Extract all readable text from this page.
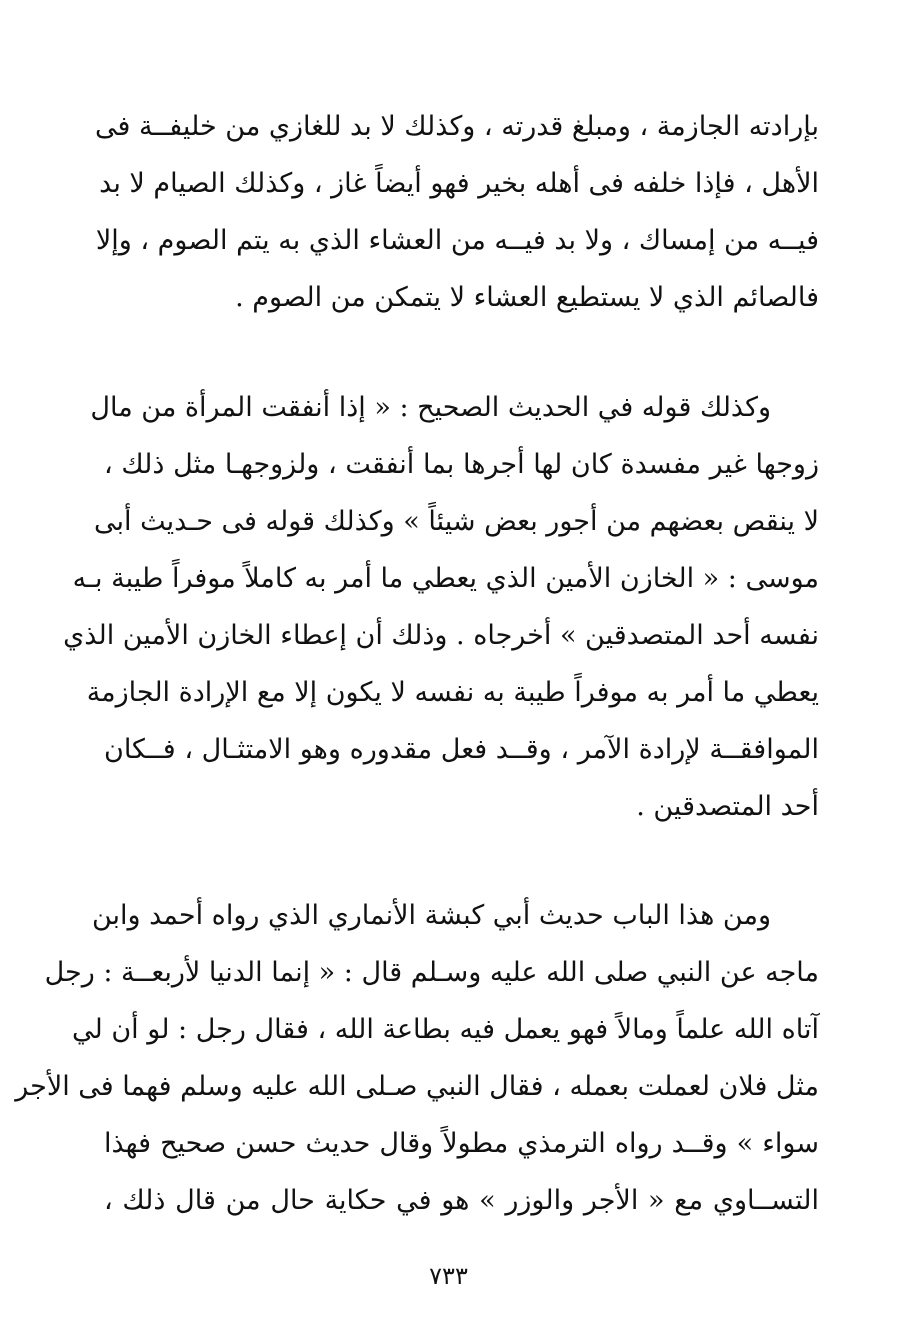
بإرادته الجازمة ، ومبلغ قدرته ، وكذلك لا بد للغازي من خليفــة فى
الأهل ، فإذا خلفه فى أهله بخير فهو أيضاً غاز ، وكذلك الصيام لا بد
فيــه من إمساك ، ولا بد فيــه من العشاء الذي به يتم الصوم ، وإلا
فالصائم الذي لا يستطيع العشاء لا يتمكن من الصوم .
وكذلك قوله في الحديث الصحيح : « إذا أنفقت المرأة من مال
زوجها غير مفسدة كان لها أجرها بما أنفقت ، ولزوجهـا مثل ذلك ،
لا ينقص بعضهم من أجور بعض شيئاً » وكذلك قوله فى حـديث أبى
موسى : « الخازن الأمين الذي يعطي ما أمر به كاملاً موفراً طيبة بـه
نفسه أحد المتصدقين » أخرجاه . وذلك أن إعطاء الخازن الأمين الذي
يعطي ما أمر به موفراً طيبة به نفسه لا يكون إلا مع الإرادة الجازمة
الموافقــة لإرادة الآمر ، وقــد فعل مقدوره وهو الامتثـال ، فــكان
أحد المتصدقين .
ومن هذا الباب حديث أبي كبشة الأنماري الذي رواه أحمد وابن
ماجه عن النبي صلى الله عليه وسـلم قال : « إنما الدنيا لأربعــة : رجل
آتاه الله علماً ومالاً فهو يعمل فيه بطاعة الله ، فقال رجل : لو أن لي
مثل فلان لعملت بعمله ، فقال النبي صـلى الله عليه وسلم فهما فى الأجر
سواء » وقــد رواه الترمذي مطولاً وقال حديث حسن صحيح فهذا
التســاوي مع « الأجر والوزر » هو في حكاية حال من قال ذلك ،
٧٣٣
